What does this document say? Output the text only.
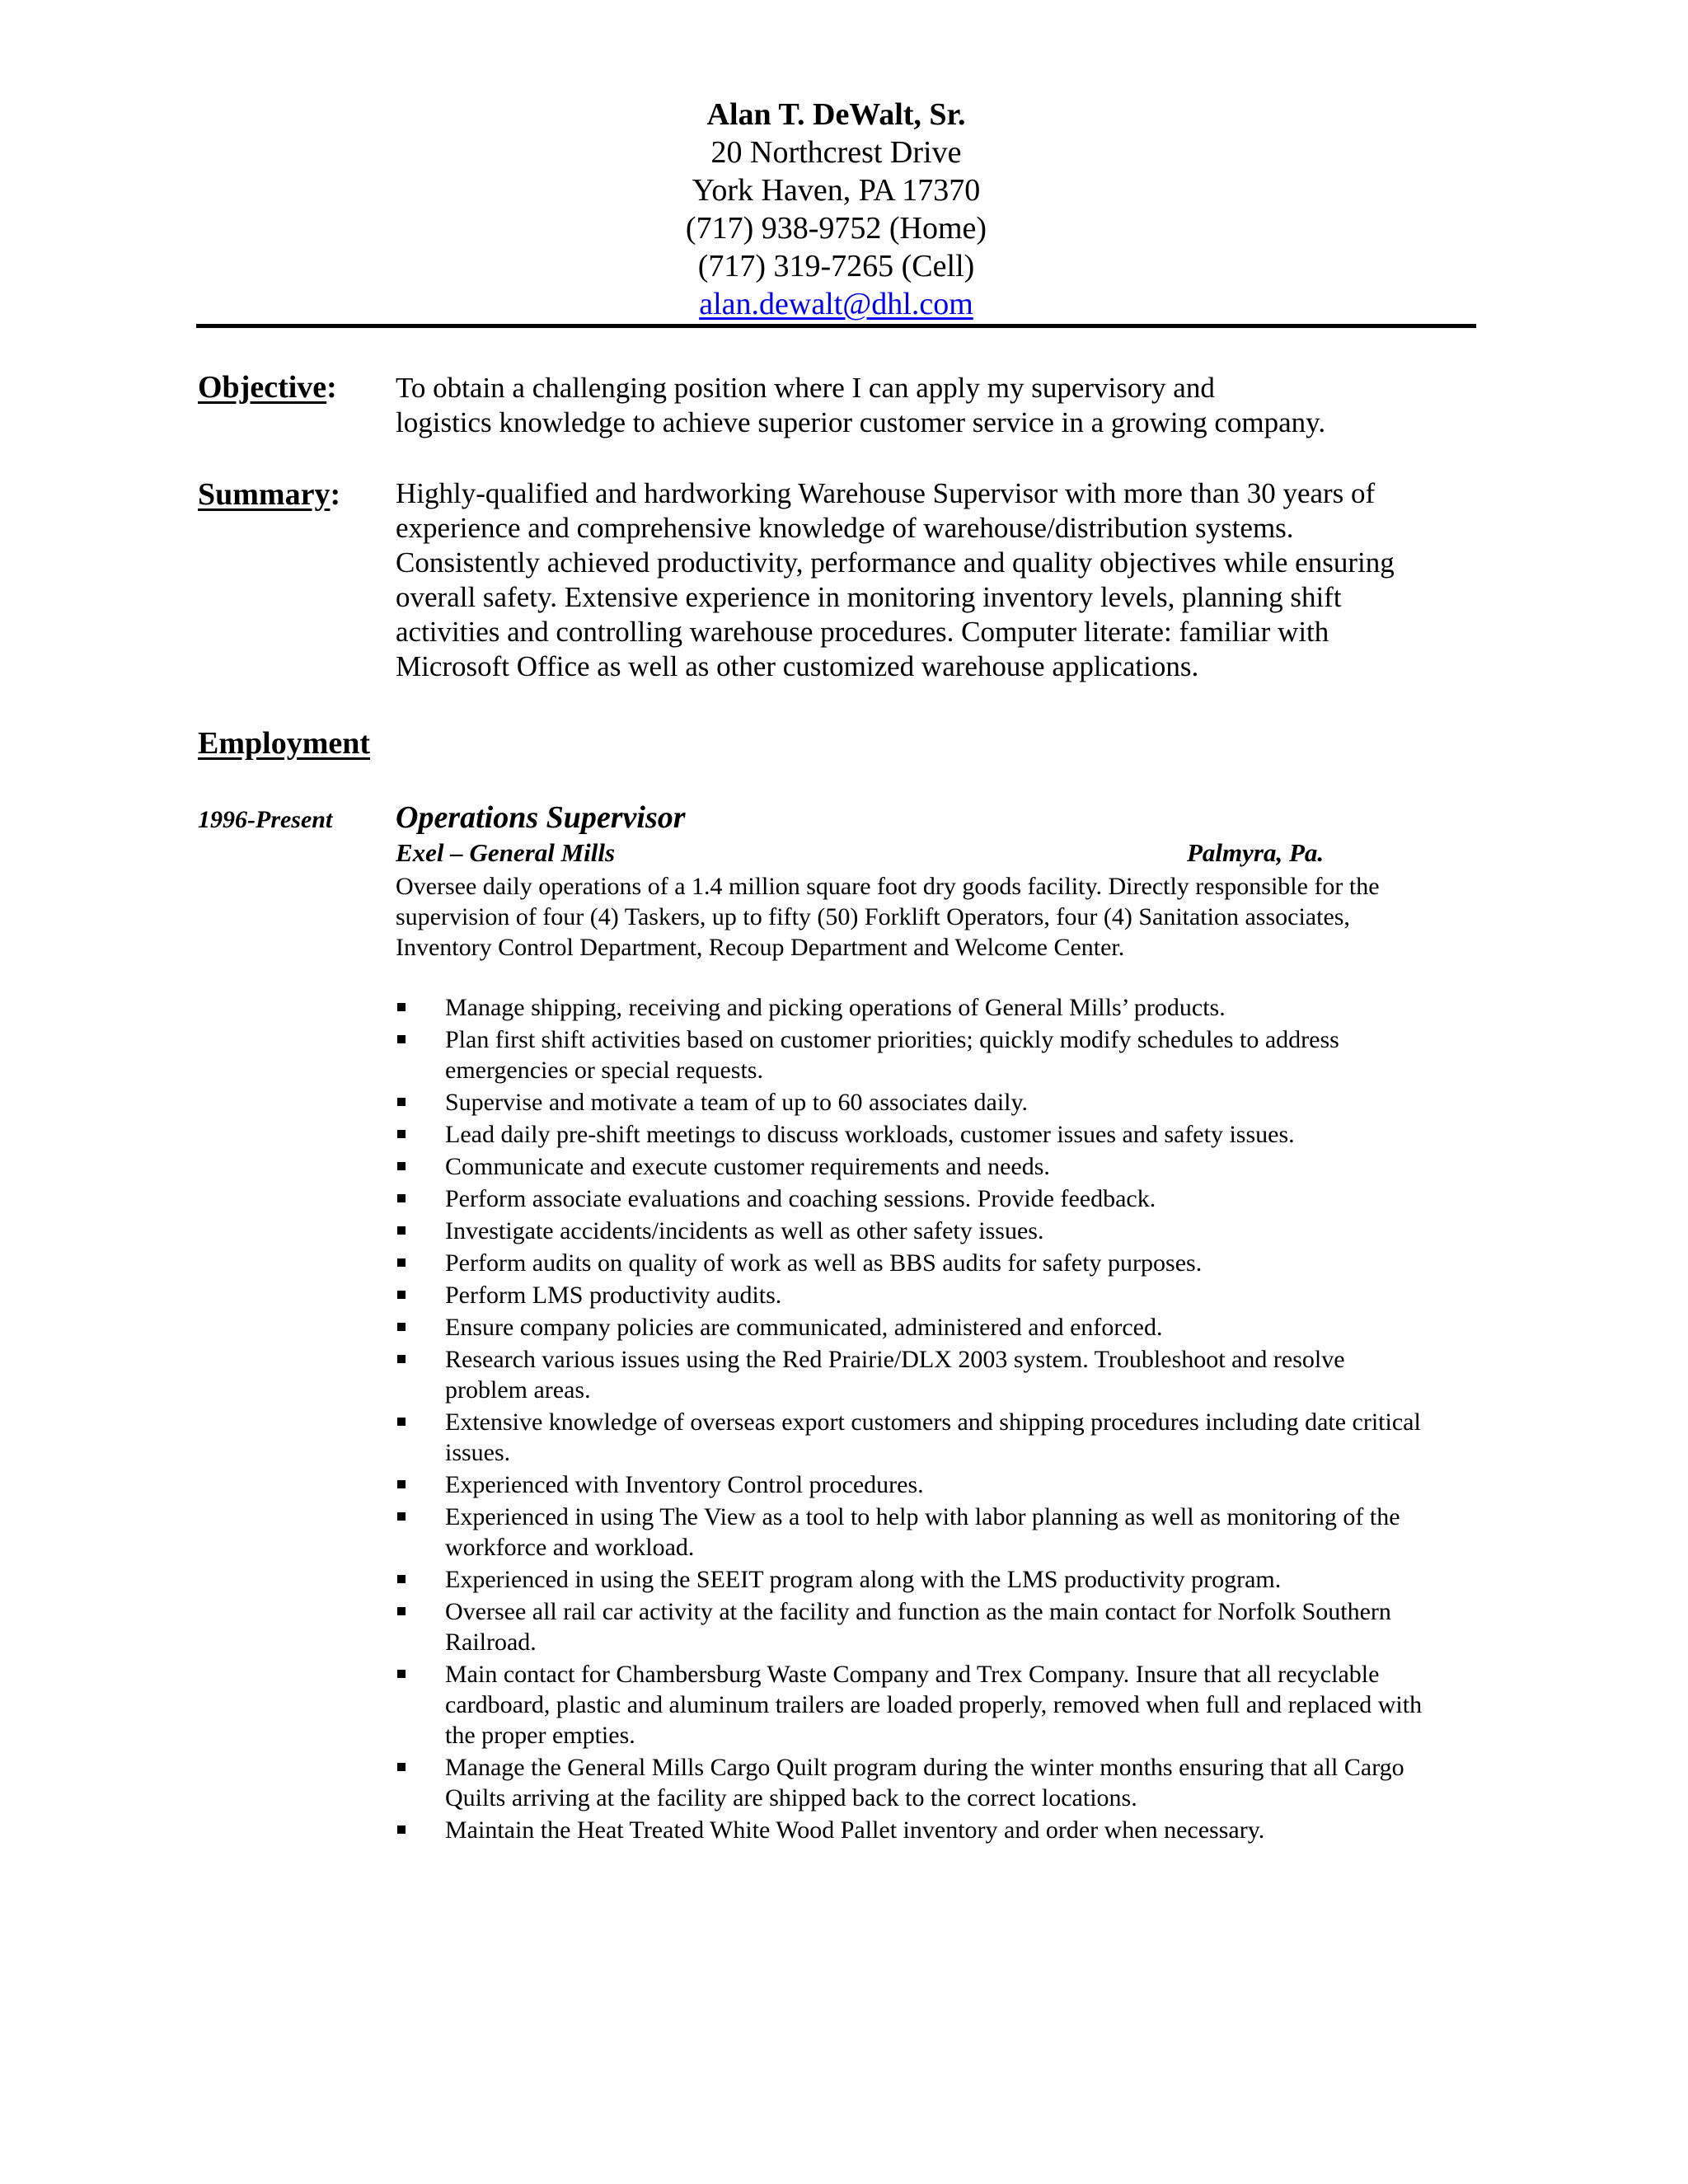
Alan T. DeWalt, Sr.
20 Northcrest Drive
York Haven, PA 17370
(717) 938-9752 (Home)
(717) 319-7265 (Cell)
alan.dewalt@dhl.com
Objective: To obtain a challenging position where I can apply my supervisory and
logistics knowledge to achieve superior customer service in a growing company.
Summary: Highly-qualified and hardworking Warehouse Supervisor with more than 30 years of
experience and comprehensive knowledge of warehouse/distribution systems.
Consistently achieved productivity, performance and quality objectives while ensuring
overall safety. Extensive experience in monitoring inventory levels, planning shift
activities and controlling warehouse procedures. Computer literate: familiar with
Microsoft Office as well as other customized warehouse applications.
Employment
1996-Present Operations Supervisor
Exel – General Mills	Palmyra, Pa.
Oversee daily operations of a 1.4 million square foot dry goods facility. Directly responsible for the
supervision of four (4) Taskers, up to fifty (50) Forklift Operators, four (4) Sanitation associates,
Inventory Control Department, Recoup Department and Welcome Center.
Manage shipping, receiving and picking operations of General Mills’ products.
Plan first shift activities based on customer priorities; quickly modify schedules to address
emergencies or special requests.
Supervise and motivate a team of up to 60 associates daily.
Lead daily pre-shift meetings to discuss workloads, customer issues and safety issues.
Communicate and execute customer requirements and needs.
Perform associate evaluations and coaching sessions. Provide feedback.
Investigate accidents/incidents as well as other safety issues.
Perform audits on quality of work as well as BBS audits for safety purposes.
Perform LMS productivity audits.
Ensure company policies are communicated, administered and enforced.
Research various issues using the Red Prairie/DLX 2003 system. Troubleshoot and resolve
problem areas.
Extensive knowledge of overseas export customers and shipping procedures including date critical
issues.
Experienced with Inventory Control procedures.
Experienced in using The View as a tool to help with labor planning as well as monitoring of the
workforce and workload.
Experienced in using the SEEIT program along with the LMS productivity program.
Oversee all rail car activity at the facility and function as the main contact for Norfolk Southern
Railroad.
Main contact for Chambersburg Waste Company and Trex Company. Insure that all recyclable
cardboard, plastic and aluminum trailers are loaded properly, removed when full and replaced with
the proper empties.
Manage the General Mills Cargo Quilt program during the winter months ensuring that all Cargo
Quilts arriving at the facility are shipped back to the correct locations.
Maintain the Heat Treated White Wood Pallet inventory and order when necessary.
